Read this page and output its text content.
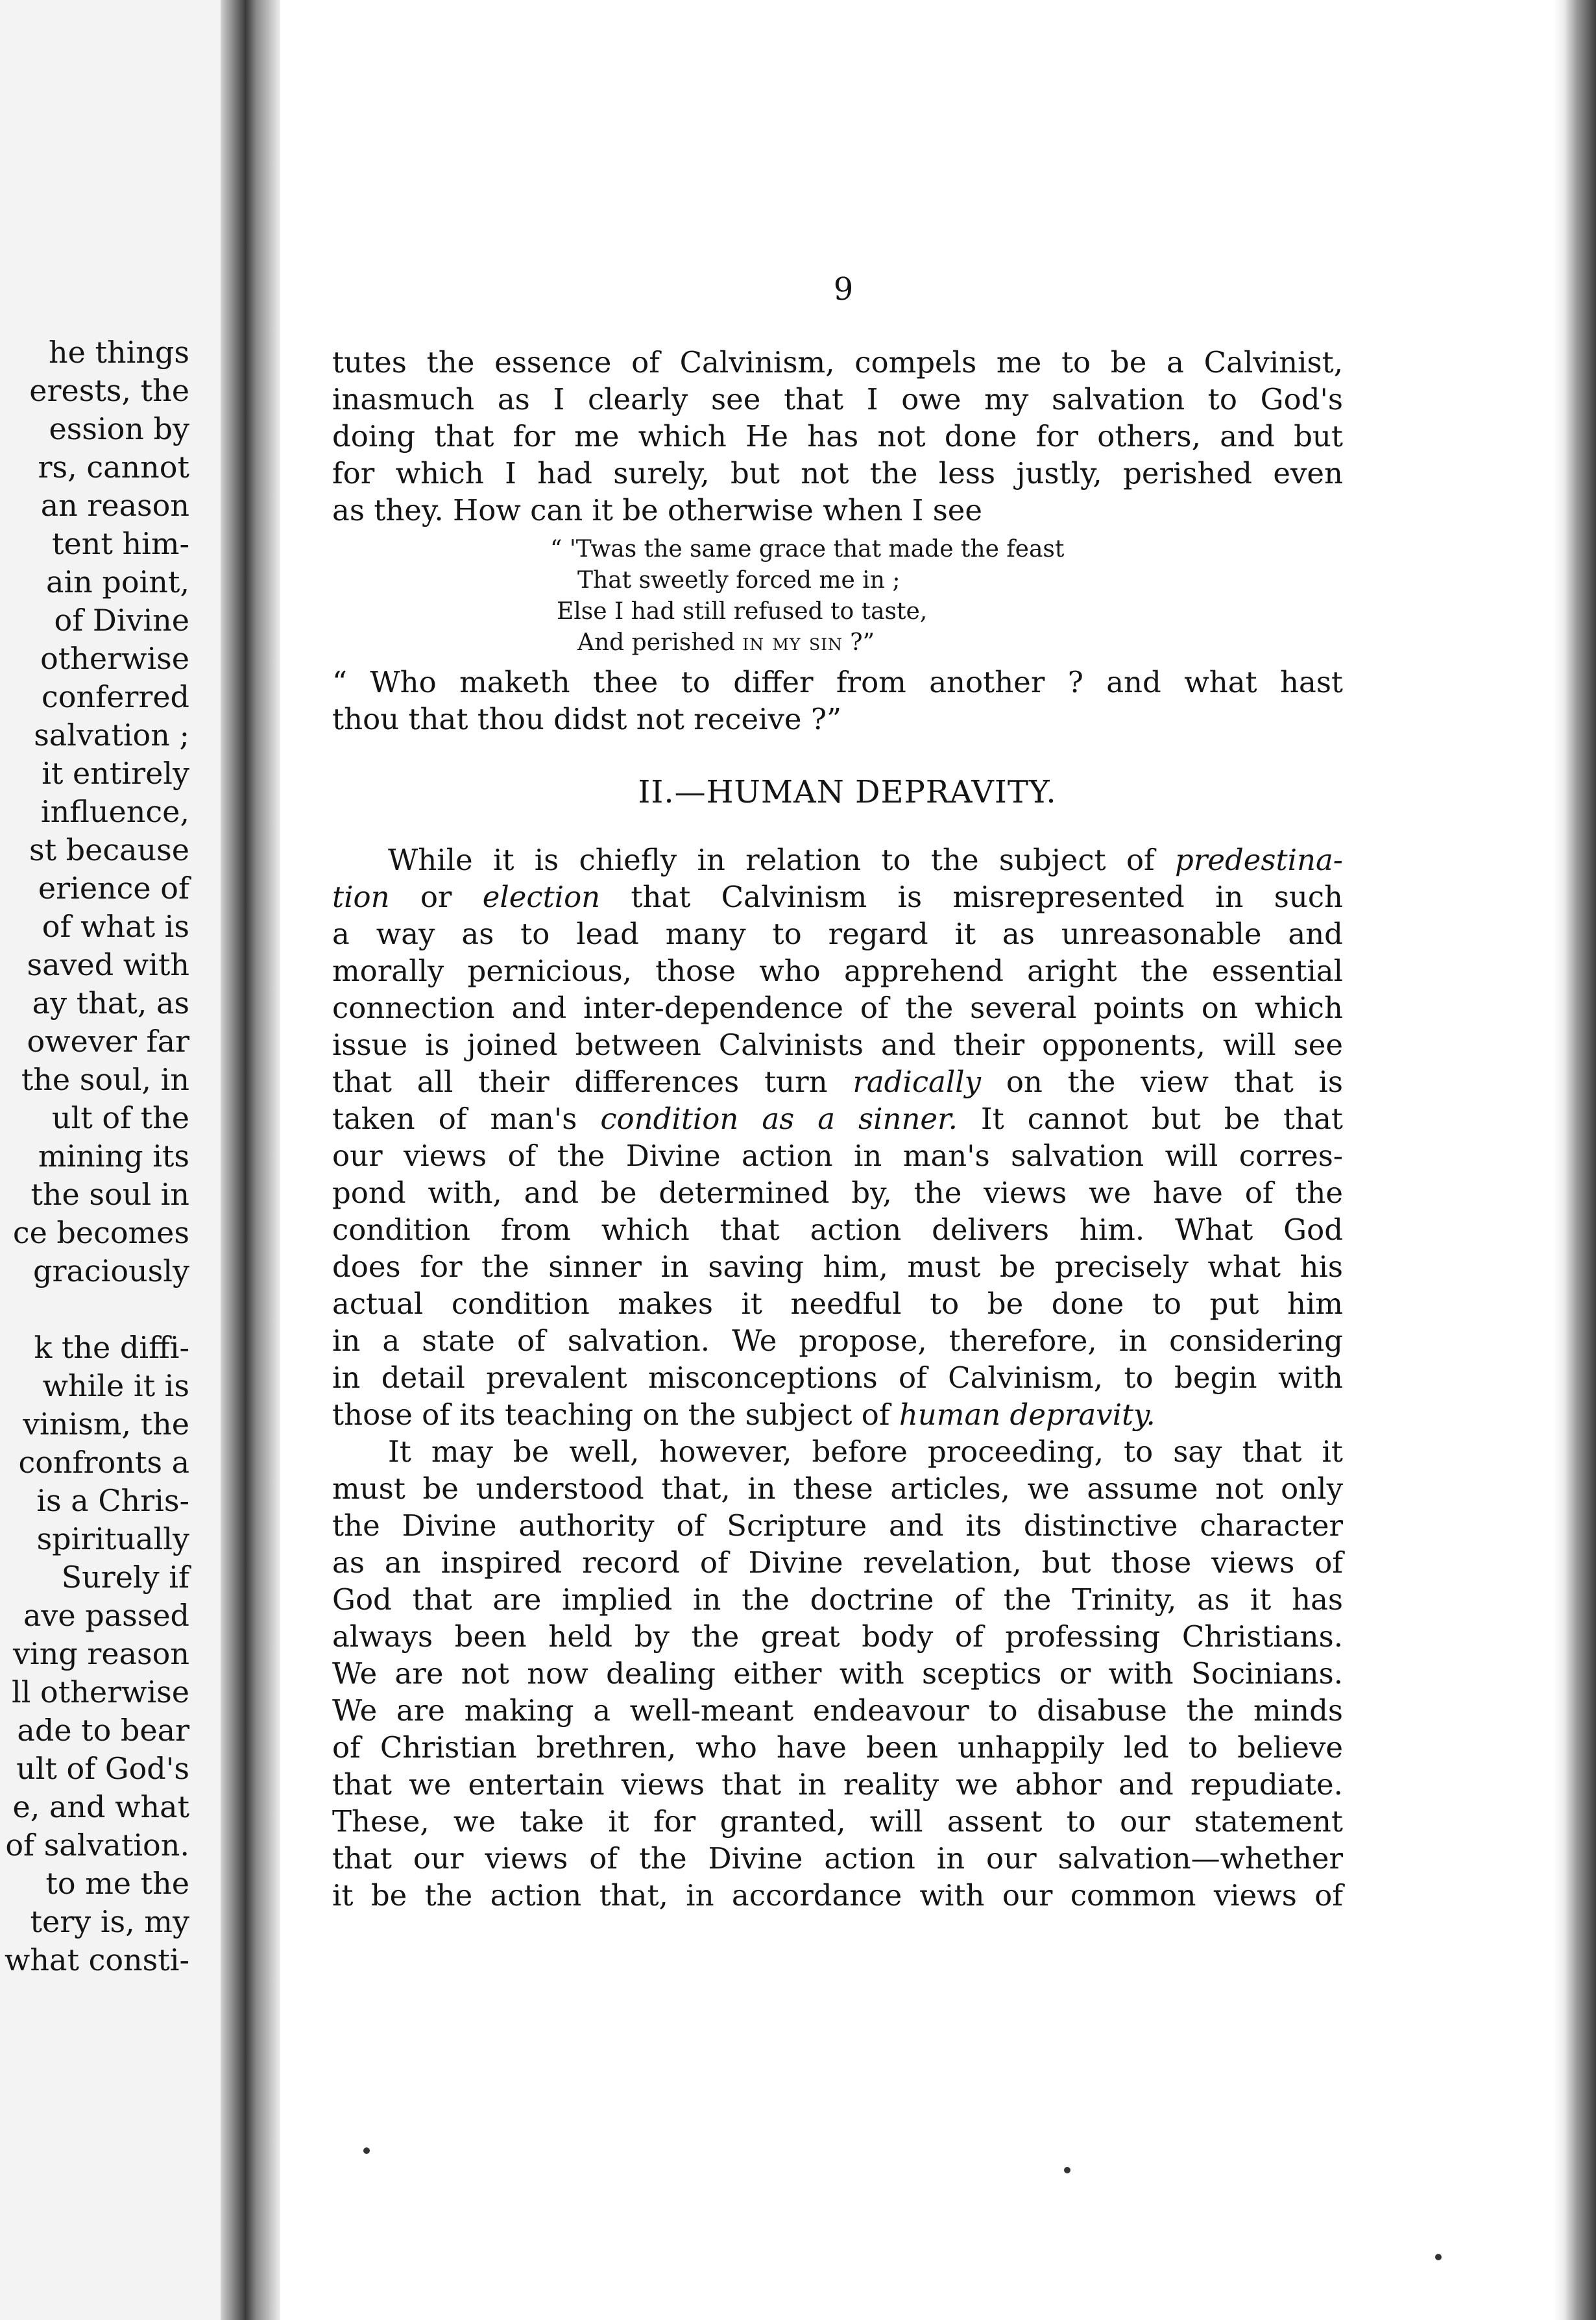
he things
erests, the
ession by
rs, cannot
an reason
tent him-
ain point,
of Divine
otherwise
conferred
salvation ;
it entirely
influence,
st because
erience of
of what is
saved with
ay that, as
owever far
the soul, in
ult of the
mining its
the soul in
ce becomes
graciously
k the diffi-
while it is
vinism, the
confronts a
is a Chris-
spiritually
Surely if
ave passed
ving reason
ll otherwise
ade to bear
ult of God's
e, and what
of salvation.
to me the
tery is, my
what consti-
9
tutes the essence of Calvinism, compels me to be a Calvinist,
inasmuch as I clearly see that I owe my salvation to God's
doing that for me which He has not done for others, and but
for which I had surely, but not the less justly, perished even
as they. How can it be otherwise when I see
“ 'Twas the same grace that made the feast
That sweetly forced me in ;
Else I had still refused to taste,
And perished in my sin ?”
“ Who maketh thee to differ from another ? and what hast
thou that thou didst not receive ?”
II.—HUMAN DEPRAVITY.
While it is chiefly in relation to the subject of predestina-
tion or election that Calvinism is misrepresented in such
a way as to lead many to regard it as unreasonable and
morally pernicious, those who apprehend aright the essential
connection and inter-dependence of the several points on which
issue is joined between Calvinists and their opponents, will see
that all their differences turn radically on the view that is
taken of man's condition as a sinner. It cannot but be that
our views of the Divine action in man's salvation will corres-
pond with, and be determined by, the views we have of the
condition from which that action delivers him. What God
does for the sinner in saving him, must be precisely what his
actual condition makes it needful to be done to put him
in a state of salvation. We propose, therefore, in considering
in detail prevalent misconceptions of Calvinism, to begin with
those of its teaching on the subject of human depravity.
It may be well, however, before proceeding, to say that it
must be understood that, in these articles, we assume not only
the Divine authority of Scripture and its distinctive character
as an inspired record of Divine revelation, but those views of
God that are implied in the doctrine of the Trinity, as it has
always been held by the great body of professing Christians.
We are not now dealing either with sceptics or with Socinians.
We are making a well-meant endeavour to disabuse the minds
of Christian brethren, who have been unhappily led to believe
that we entertain views that in reality we abhor and repudiate.
These, we take it for granted, will assent to our statement
that our views of the Divine action in our salvation—whether
it be the action that, in accordance with our common views of
